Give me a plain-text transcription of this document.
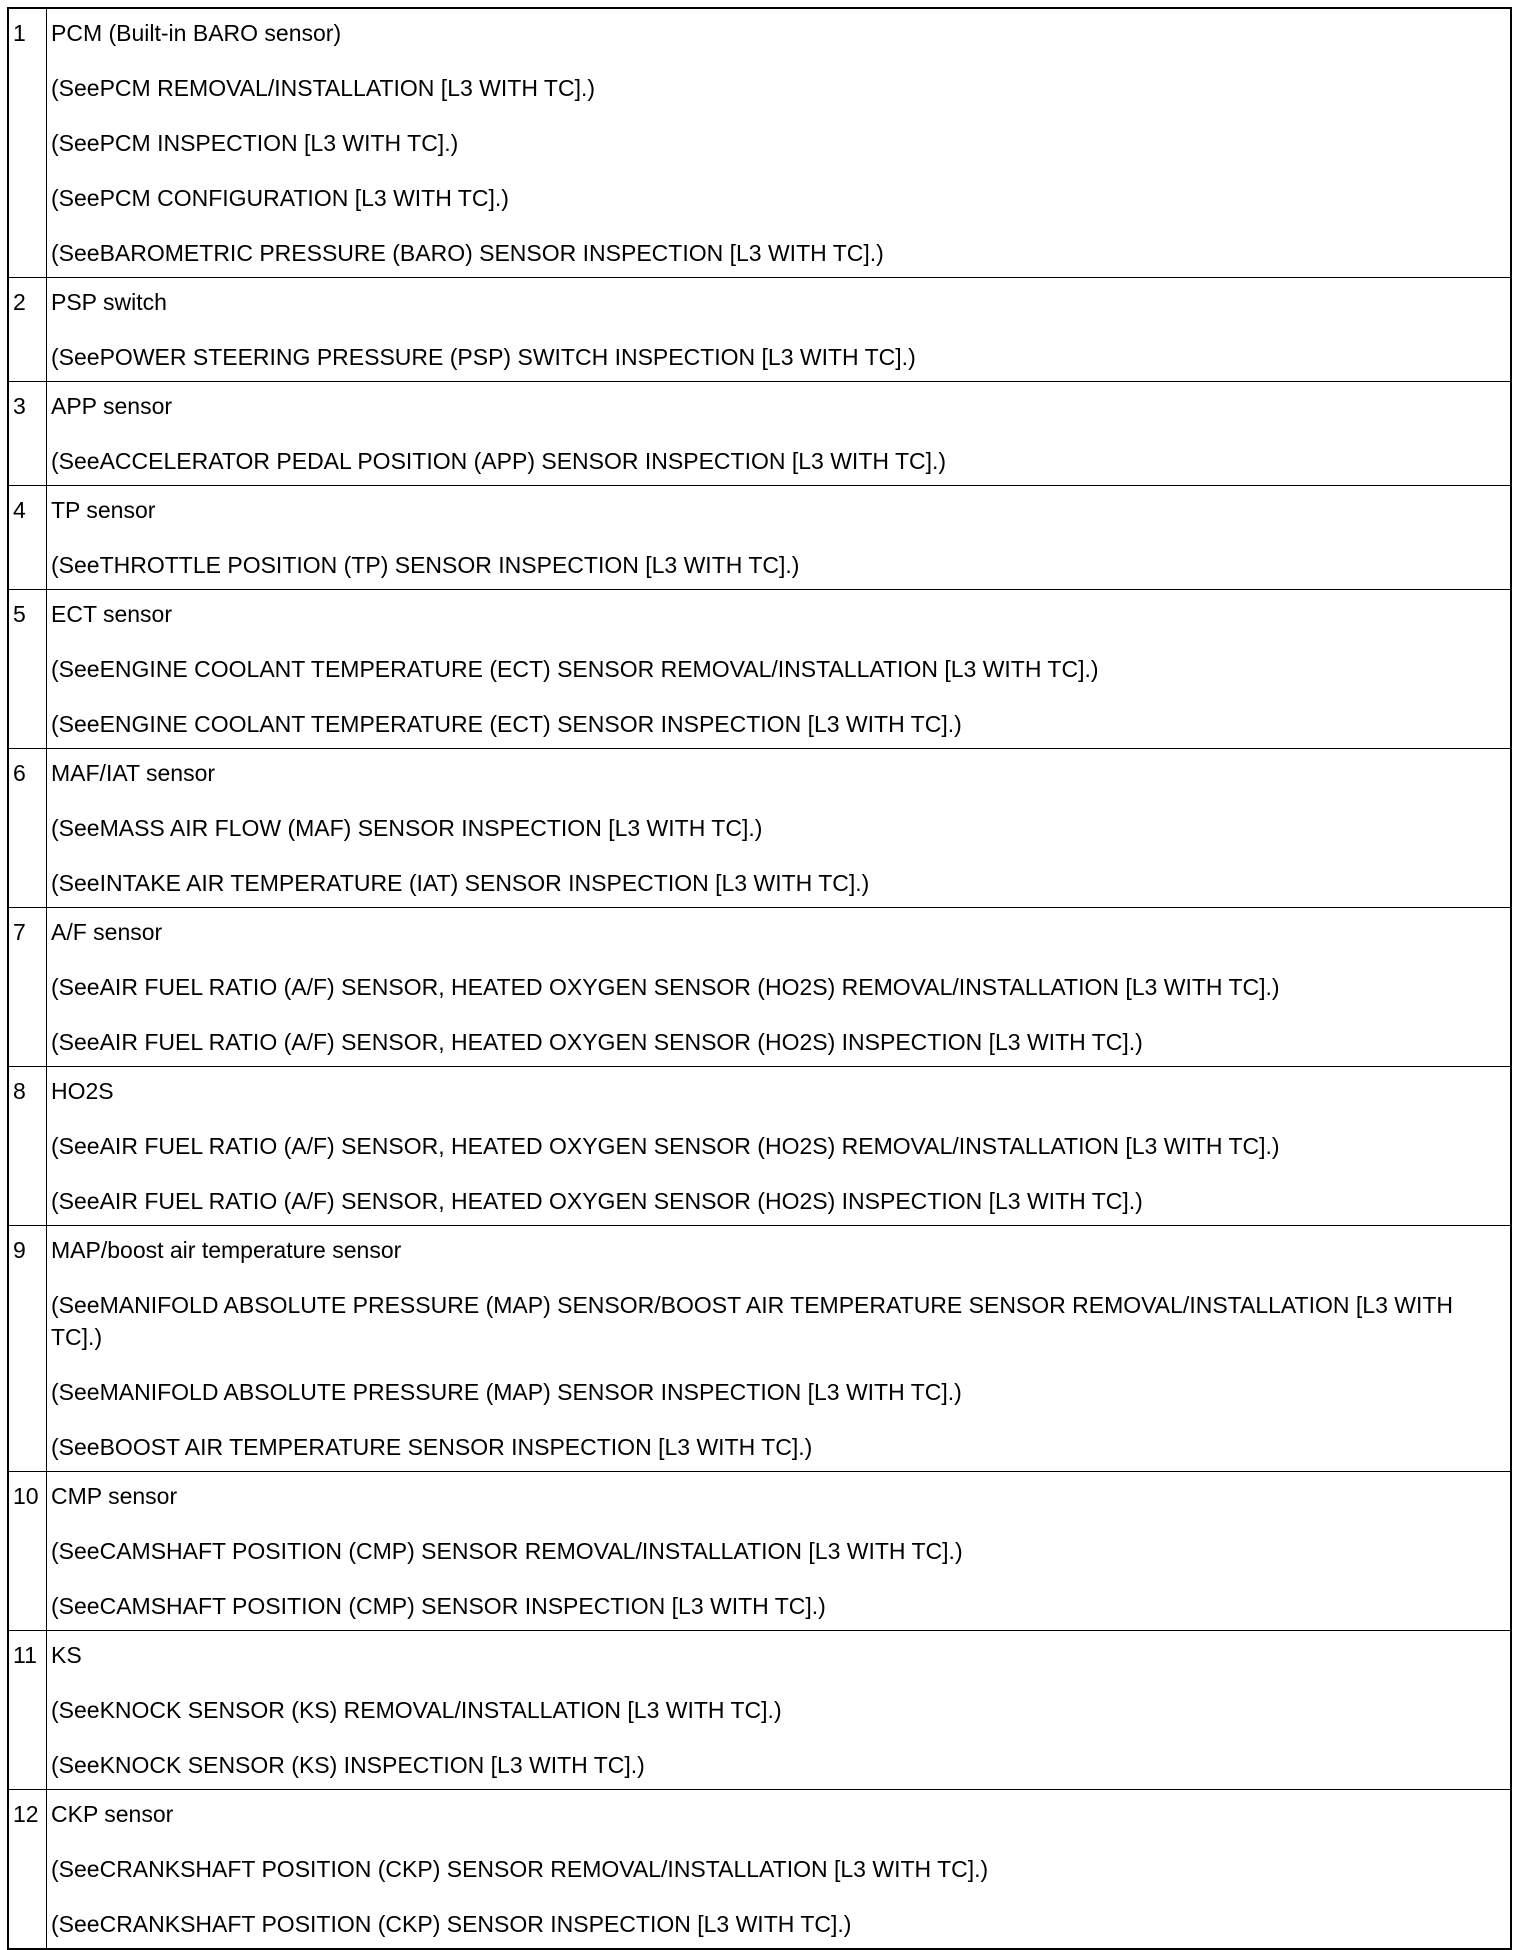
1	PCM (Built-in BARO sensor)
(SeePCM REMOVAL/INSTALLATION [L3 WITH TC].)
(SeePCM INSPECTION [L3 WITH TC].)
(SeePCM CONFIGURATION [L3 WITH TC].)
(SeeBAROMETRIC PRESSURE (BARO) SENSOR INSPECTION [L3 WITH TC].)

2	PSP switch
(SeePOWER STEERING PRESSURE (PSP) SWITCH INSPECTION [L3 WITH TC].)

3	APP sensor
(SeeACCELERATOR PEDAL POSITION (APP) SENSOR INSPECTION [L3 WITH TC].)

4	TP sensor
(SeeTHROTTLE POSITION (TP) SENSOR INSPECTION [L3 WITH TC].)

5	ECT sensor
(SeeENGINE COOLANT TEMPERATURE (ECT) SENSOR REMOVAL/INSTALLATION [L3 WITH TC].)
(SeeENGINE COOLANT TEMPERATURE (ECT) SENSOR INSPECTION [L3 WITH TC].)

6	MAF/IAT sensor
(SeeMASS AIR FLOW (MAF) SENSOR INSPECTION [L3 WITH TC].)
(SeeINTAKE AIR TEMPERATURE (IAT) SENSOR INSPECTION [L3 WITH TC].)

7	A/F sensor
(SeeAIR FUEL RATIO (A/F) SENSOR, HEATED OXYGEN SENSOR (HO2S) REMOVAL/INSTALLATION [L3 WITH TC].)
(SeeAIR FUEL RATIO (A/F) SENSOR, HEATED OXYGEN SENSOR (HO2S) INSPECTION [L3 WITH TC].)

8	HO2S
(SeeAIR FUEL RATIO (A/F) SENSOR, HEATED OXYGEN SENSOR (HO2S) REMOVAL/INSTALLATION [L3 WITH TC].)
(SeeAIR FUEL RATIO (A/F) SENSOR, HEATED OXYGEN SENSOR (HO2S) INSPECTION [L3 WITH TC].)

9	MAP/boost air temperature sensor
(SeeMANIFOLD ABSOLUTE PRESSURE (MAP) SENSOR/BOOST AIR TEMPERATURE SENSOR REMOVAL/INSTALLATION [L3 WITH TC].)
(SeeMANIFOLD ABSOLUTE PRESSURE (MAP) SENSOR INSPECTION [L3 WITH TC].)
(SeeBOOST AIR TEMPERATURE SENSOR INSPECTION [L3 WITH TC].)

10	CMP sensor
(SeeCAMSHAFT POSITION (CMP) SENSOR REMOVAL/INSTALLATION [L3 WITH TC].)
(SeeCAMSHAFT POSITION (CMP) SENSOR INSPECTION [L3 WITH TC].)

11	KS
(SeeKNOCK SENSOR (KS) REMOVAL/INSTALLATION [L3 WITH TC].)
(SeeKNOCK SENSOR (KS) INSPECTION [L3 WITH TC].)

12	CKP sensor
(SeeCRANKSHAFT POSITION (CKP) SENSOR REMOVAL/INSTALLATION [L3 WITH TC].)
(SeeCRANKSHAFT POSITION (CKP) SENSOR INSPECTION [L3 WITH TC].)
